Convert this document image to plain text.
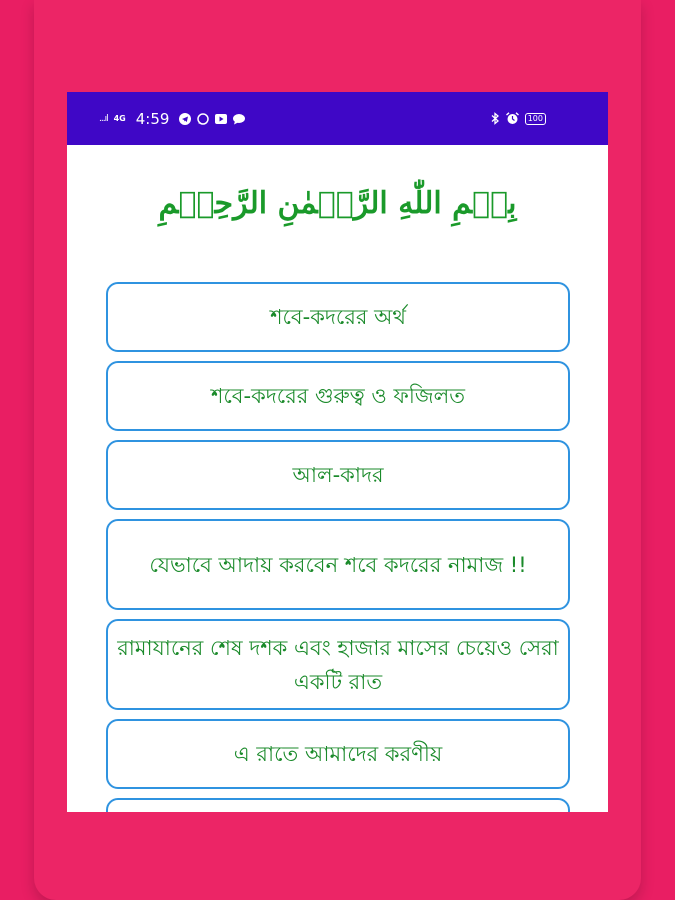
...ıl 4G 4:59	100
بِسۡمِ اللّٰهِ الرَّحۡمٰنِ الرَّحِیۡمِ
শবে-কদরের অর্থ
শবে-কদরের গুরুত্ব ও ফজিলত
আল-কাদর
যেভাবে আদায় করবেন শবে কদরের নামাজ !!
রামাযানের শেষ দশক এবং হাজার মাসের চেয়েও সেরা একটি রাত
এ রাতে আমাদের করণীয়
